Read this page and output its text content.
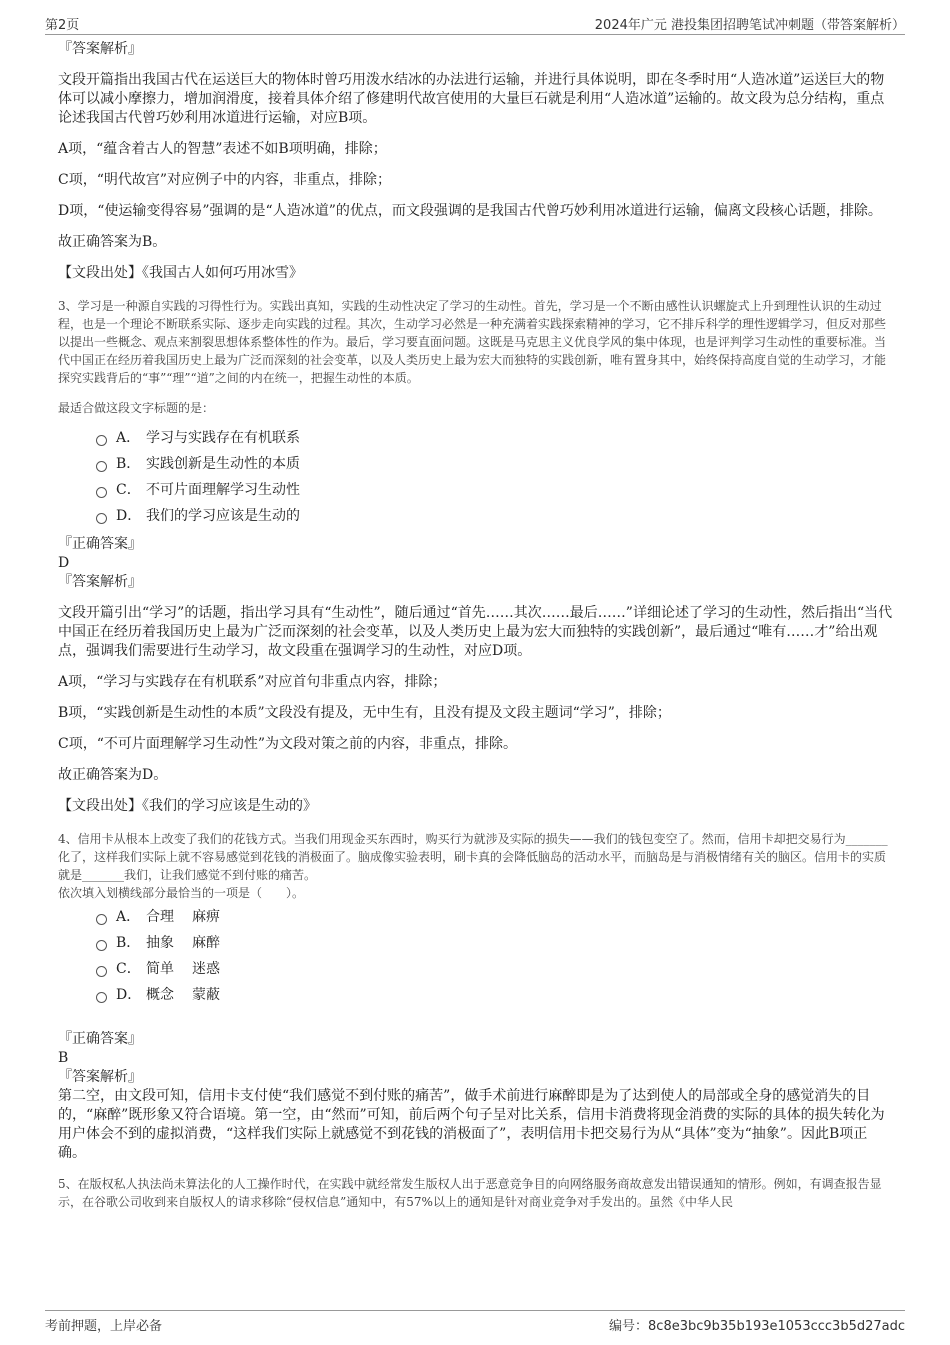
第2页	2024年广元 港投集团招聘笔试冲刺题（带答案解析）

『答案解析』

文段开篇指出我国古代在运送巨大的物体时曾巧用泼水结冰的办法进行运输，并进行具体说明，即在冬季时用“人造冰道”运送巨大的物体可以减小摩擦力，增加润滑度，接着具体介绍了修建明代故宫使用的大量巨石就是利用“人造冰道”运输的。故文段为总分结构，重点论述我国古代曾巧妙利用冰道进行运输，对应B项。

A项，“蕴含着古人的智慧”表述不如B项明确，排除；

C项，“明代故宫”对应例子中的内容，非重点，排除；

D项，“使运输变得容易”强调的是“人造冰道”的优点，而文段强调的是我国古代曾巧妙利用冰道进行运输，偏离文段核心话题，排除。

故正确答案为B。

【文段出处】《我国古人如何巧用冰雪》

3、学习是一种源自实践的习得性行为。实践出真知，实践的生动性决定了学习的生动性。首先，学习是一个不断由感性认识螺旋式上升到理性认识的生动过程，也是一个理论不断联系实际、逐步走向实践的过程。其次，生动学习必然是一种充满着实践探索精神的学习，它不排斥科学的理性逻辑学习，但反对那些以提出一些概念、观点来割裂思想体系整体性的作为。最后，学习要直面问题。这既是马克思主义优良学风的集中体现，也是评判学习生动性的重要标准。当代中国正在经历着我国历史上最为广泛而深刻的社会变革，以及人类历史上最为宏大而独特的实践创新，唯有置身其中，始终保持高度自觉的生动学习，才能探究实践背后的“事”“理”“道”之间的内在统一，把握生动性的本质。

最适合做这段文字标题的是：

A． 学习与实践存在有机联系
B． 实践创新是生动性的本质
C． 不可片面理解学习生动性
D． 我们的学习应该是生动的

『正确答案』

D

『答案解析』

文段开篇引出“学习”的话题，指出学习具有“生动性”，随后通过“首先……其次……最后……”详细论述了学习的生动性，然后指出“当代中国正在经历着我国历史上最为广泛而深刻的社会变革，以及人类历史上最为宏大而独特的实践创新”，最后通过“唯有……才”给出观点，强调我们需要进行生动学习，故文段重在强调学习的生动性，对应D项。

A项，“学习与实践存在有机联系”对应首句非重点内容，排除；

B项，“实践创新是生动性的本质”文段没有提及，无中生有，且没有提及文段主题词“学习”，排除；

C项，“不可片面理解学习生动性”为文段对策之前的内容，非重点，排除。

故正确答案为D。

【文段出处】《我们的学习应该是生动的》

4、信用卡从根本上改变了我们的花钱方式。当我们用现金买东西时，购买行为就涉及实际的损失——我们的钱包变空了。然而，信用卡却把交易行为_______化了，这样我们实际上就不容易感觉到花钱的消极面了。脑成像实验表明，刷卡真的会降低脑岛的活动水平，而脑岛是与消极情绪有关的脑区。信用卡的实质就是_______我们，让我们感觉不到付账的痛苦。

依次填入划横线部分最恰当的一项是（　　）。

A． 合理 麻痹
B． 抽象 麻醉
C． 简单 迷惑
D． 概念 蒙蔽

『正确答案』

B

『答案解析』

第二空，由文段可知，信用卡支付使“我们感觉不到付账的痛苦”，做手术前进行麻醉即是为了达到使人的局部或全身的感觉消失的目的，“麻醉”既形象又符合语境。第一空，由“然而”可知，前后两个句子呈对比关系，信用卡消费将现金消费的实际的具体的损失转化为用户体会不到的虚拟消费，“这样我们实际上就感觉不到花钱的消极面了”，表明信用卡把交易行为从“具体”变为“抽象”。因此B项正确。

5、在版权私人执法尚未算法化的人工操作时代，在实践中就经常发生版权人出于恶意竞争目的向网络服务商故意发出错误通知的情形。例如，有调查报告显示，在谷歌公司收到来自版权人的请求移除“侵权信息”通知中，有57%以上的通知是针对商业竞争对手发出的。虽然《中华人民

考前押题，上岸必备	编号：8c8e3bc9b35b193e1053ccc3b5d27adc
